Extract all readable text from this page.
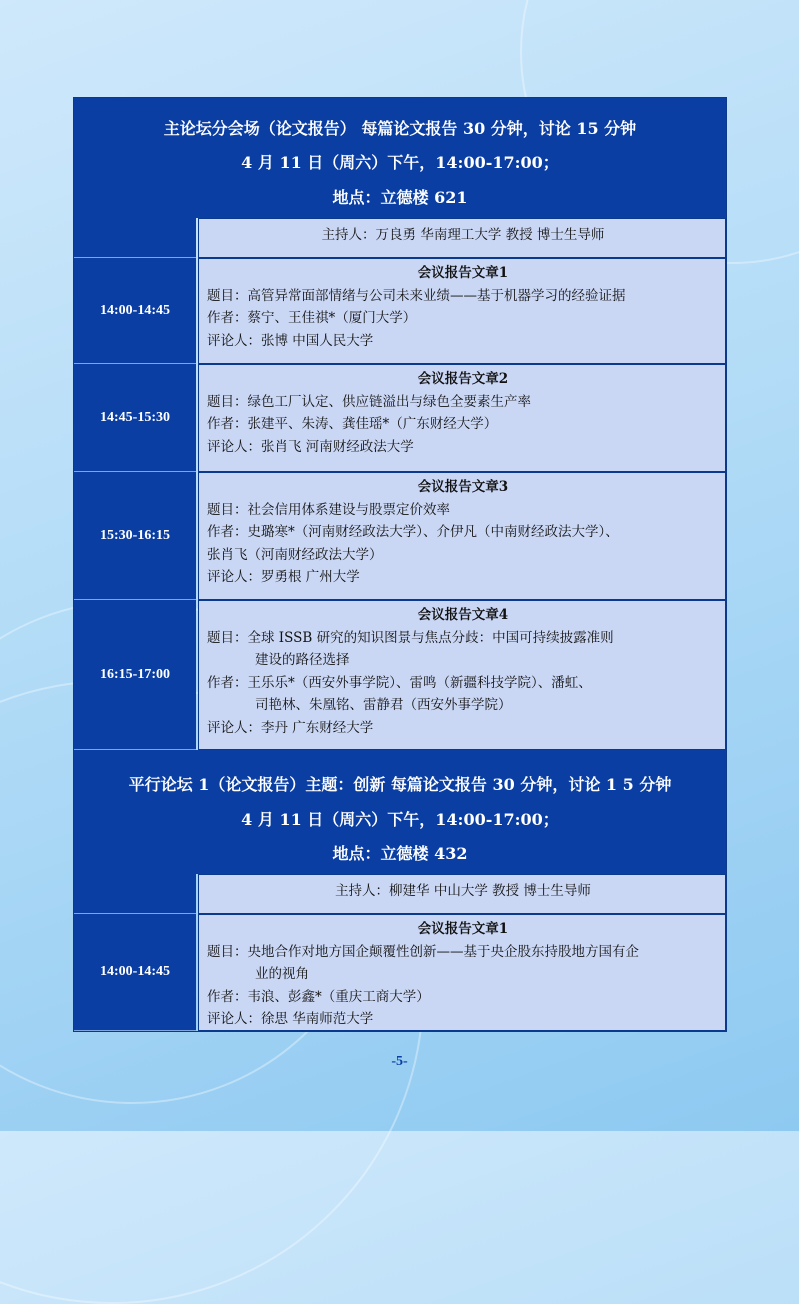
主论坛分会场（论文报告） 每篇论文报告 30 分钟，讨论 15 分钟
4 月 11 日（周六）下午，14:00-17:00；
地点：立德楼 621
主持人：万良勇 华南理工大学 教授 博士生导师
14:00-14:45
会议报告文章1
题目：高管异常面部情绪与公司未来业绩——基于机器学习的经验证据
作者：蔡宁、王佳祺*（厦门大学）
评论人：张博 中国人民大学
14:45-15:30
会议报告文章2
题目：绿色工厂认定、供应链溢出与绿色全要素生产率
作者：张建平、朱涛、龚佳瑶*（广东财经大学）
评论人：张肖飞 河南财经政法大学
15:30-16:15
会议报告文章3
题目：社会信用体系建设与股票定价效率
作者：史璐寒*（河南财经政法大学）、介伊凡（中南财经政法大学）、
张肖飞（河南财经政法大学）
评论人：罗勇根 广州大学
16:15-17:00
会议报告文章4
题目：全球 ISSB 研究的知识图景与焦点分歧：中国可持续披露准则
建设的路径选择
作者：王乐乐*（西安外事学院）、雷鸣（新疆科技学院）、潘虹、
司艳林、朱凰铭、雷静君（西安外事学院）
评论人：李丹 广东财经大学
平行论坛 1（论文报告）主题：创新 每篇论文报告 30 分钟，讨论 1 5 分钟
4 月 11 日（周六）下午，14:00-17:00；
地点：立德楼 432
主持人：柳建华 中山大学 教授 博士生导师
14:00-14:45
会议报告文章1
题目：央地合作对地方国企颠覆性创新——基于央企股东持股地方国有企
业的视角
作者：韦浪、彭鑫*（重庆工商大学）
评论人：徐思 华南师范大学
-5-
